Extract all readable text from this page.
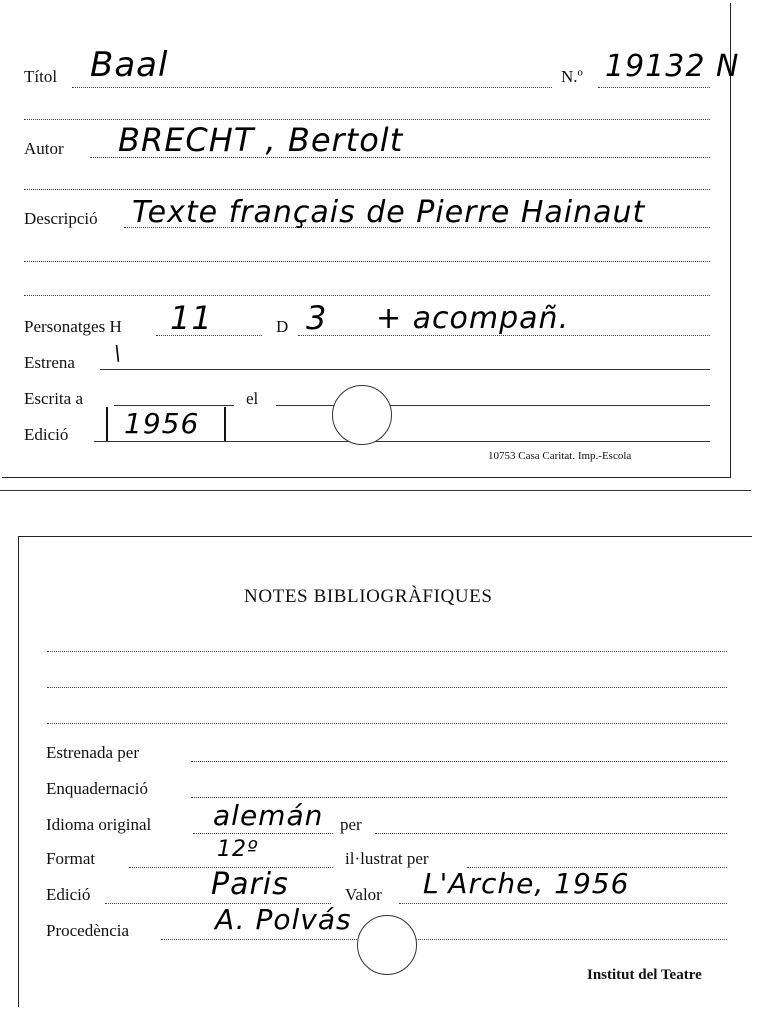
Títol Baal	N.º 19132 N
Autor BRECHT , Bertolt
Descripció Texte français de Pierre Hainaut
Personatges H 11	D 3 + acompañ.
Estrena \
Escrita a	el
Edició 1956
10753 Casa Caritat. Imp.-Escola
NOTES BIBLIOGRÀFIQUES
Estrenada per
Enquadernació
Idioma original alemán per
Format	12º	il·lustrat per
Edició	Paris	Valor L'Arche, 1956
Procedència	A. Polvás
Institut del Teatre
